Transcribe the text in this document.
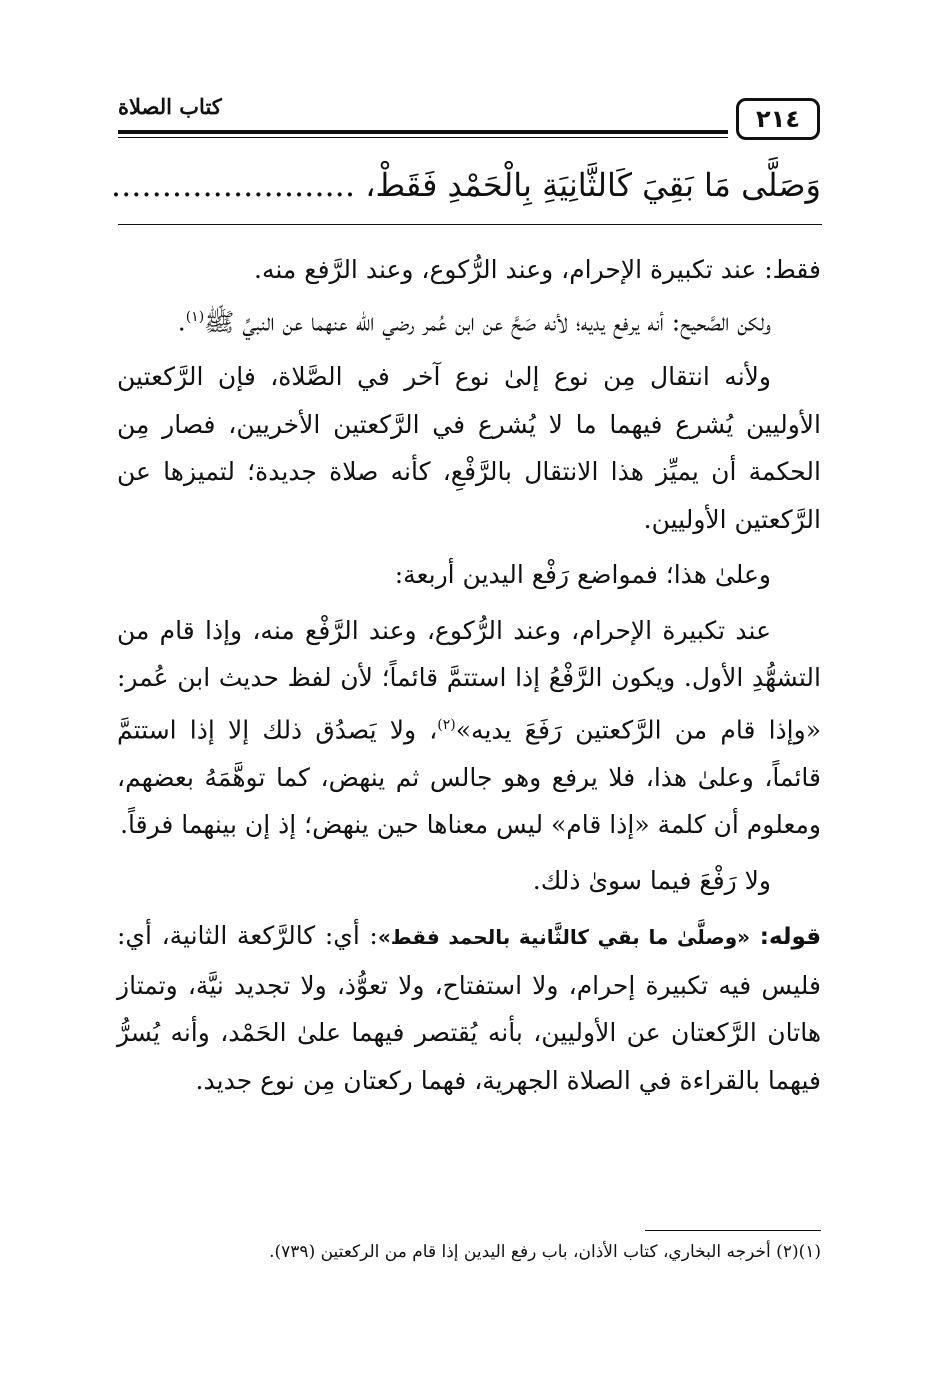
٢١٤
كتاب الصلاة
وَصَلَّى مَا بَقِيَ كَالثَّانِيَةِ بِالْحَمْدِ فَقَطْ، ........................

فقط: عند تكبيرة الإحرام، وعند الرُّكوع، وعند الرَّفع منه.

ولكن الصَّحيح: أنه يرفع يديه؛ لأنه صَحَّ عن ابن عُمر رضي الله عنهما عن النبيِّ ﷺ$^{(١)}$.

ولأنه انتقال مِن نوع إلىٰ نوع آخر في الصَّلاة، فإن الرَّكعتين الأوليين يُشرع فيهما ما لا يُشرع في الرَّكعتين الأخريين، فصار مِن الحكمة أن يميِّز هذا الانتقال بالرَّفْعِ، كأنه صلاة جديدة؛ لتميزها عن الرَّكعتين الأوليين.

وعلىٰ هذا؛ فمواضع رَفْع اليدين أربعة:

عند تكبيرة الإحرام، وعند الرُّكوع، وعند الرَّفْع منه، وإذا قام من التشهُّدِ الأول. ويكون الرَّفْعُ إذا استتمَّ قائماً؛ لأن لفظ حديث ابن عُمر: «وإذا قام من الرَّكعتين رَفَعَ يديه»$^{(٢)}$، ولا يَصدُق ذلك إلا إذا استتمَّ قائماً، وعلىٰ هذا، فلا يرفع وهو جالس ثم ينهض، كما توهَّمَهُ بعضهم، ومعلوم أن كلمة «إذا قام» ليس معناها حين ينهض؛ إذ إن بينهما فرقاً.

ولا رَفْعَ فيما سوىٰ ذلك.

قوله: «وصلَّىٰ ما بقي كالثَّانية بالحمد فقط»: أي: كالرَّكعة الثانية، أي: فليس فيه تكبيرة إحرام، ولا استفتاح، ولا تعوُّذ، ولا تجديد نيَّة، وتمتاز هاتان الرَّكعتان عن الأوليين، بأنه يُقتصر فيهما علىٰ الحَمْد، وأنه يُسرُّ فيهما بالقراءة في الصلاة الجهرية، فهما ركعتان مِن نوع جديد.

(١)(٢) أخرجه البخاري، كتاب الأذان، باب رفع اليدين إذا قام من الركعتين (٧٣٩).
